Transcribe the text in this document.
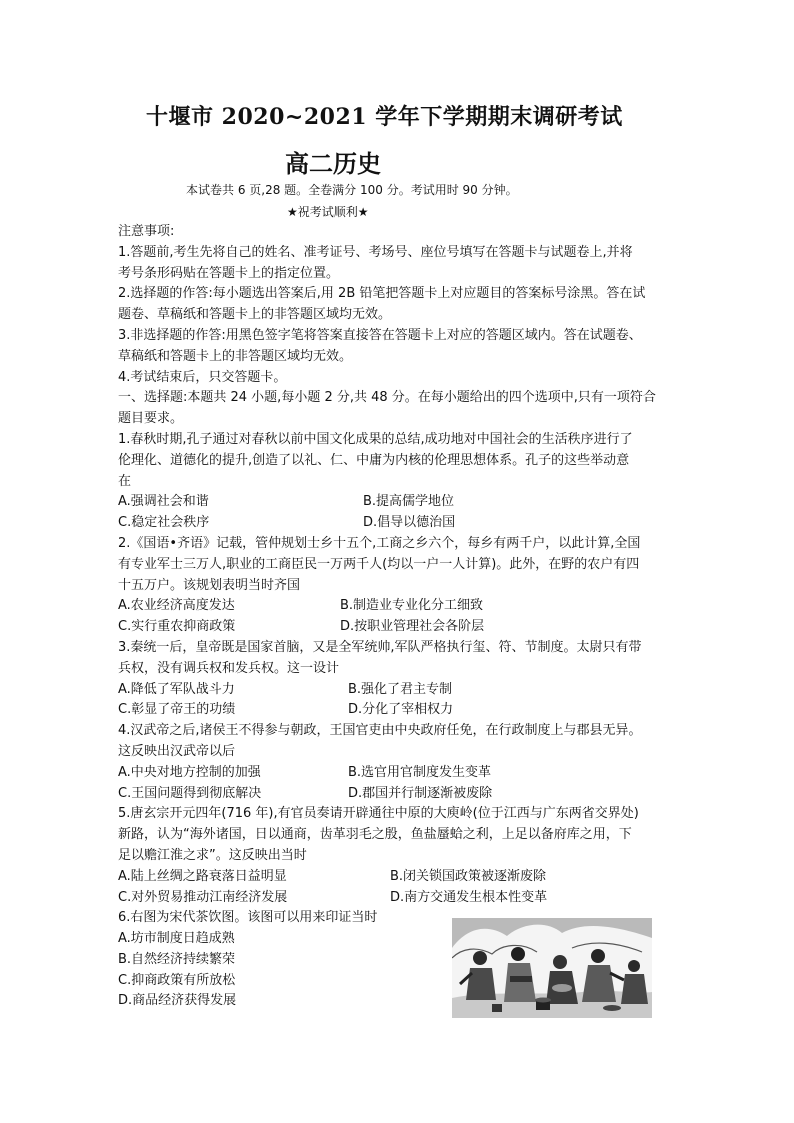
十堰市 2020~2021 学年下学期期末调研考试
高二历史
本试卷共 6 页,28 题。全卷满分 100 分。考试用时 90 分钟。
★祝考试顺利★
注意事项:
1.答题前,考生先将自己的姓名、准考证号、考场号、座位号填写在答题卡与试题卷上,并将
考号条形码贴在答题卡上的指定位置。
2.选择题的作答:每小题选出答案后,用 2B 铅笔把答题卡上对应题目的答案标号涂黑。答在试
题卷、草稿纸和答题卡上的非答题区域均无效。
3.非选择题的作答:用黑色签字笔将答案直接答在答题卡上对应的答题区域内。答在试题卷、
草稿纸和答题卡上的非答题区域均无效。
4.考试结束后，只交答题卡。
一、选择题:本题共 24 小题,每小题 2 分,共 48 分。在每小题给出的四个选项中,只有一项符合
题目要求。
1.春秋时期,孔子通过对春秋以前中国文化成果的总结,成功地对中国社会的生活秩序进行了
伦理化、道德化的提升,创造了以礼、仁、中庸为内核的伦理思想体系。孔子的这些举动意
在
A.强调社会和谐	B.提高儒学地位
C.稳定社会秩序	D.倡导以德治国
2.《国语•齐语》记载，管仲规划士乡十五个,工商之乡六个，每乡有两千户，以此计算,全国
有专业军士三万人,职业的工商臣民一万两千人(均以一户一人计算)。此外，在野的农户有四
十五万户。该规划表明当时齐国
A.农业经济高度发达	B.制造业专业化分工细致
C.实行重农抑商政策	D.按职业管理社会各阶层
3.秦统一后，皇帝既是国家首脑，又是全军统帅,军队严格执行玺、符、节制度。太尉只有带
兵权，没有调兵权和发兵权。这一设计
A.降低了军队战斗力	B.强化了君主专制
C.彰显了帝王的功绩	D.分化了宰相权力
4.汉武帝之后,诸侯王不得参与朝政，王国官吏由中央政府任免，在行政制度上与郡县无异。
这反映出汉武帝以后
A.中央对地方控制的加强	B.选官用官制度发生变革
C.王国问题得到彻底解决	D.郡国并行制逐渐被废除
5.唐玄宗开元四年(716 年),有官员奏请开辟通往中原的大庾岭(位于江西与广东两省交界处)
新路，认为“海外诸国，日以通商，齿革羽毛之殷，鱼盐蜃蛤之利，上足以备府库之用，下
足以赡江淮之求”。这反映出当时
A.陆上丝绸之路衰落日益明显	B.闭关锁国政策被逐渐废除
C.对外贸易推动江南经济发展	D.南方交通发生根本性变革
6.右图为宋代茶饮图。该图可以用来印证当时
A.坊市制度日趋成熟
B.自然经济持续繁荣
C.抑商政策有所放松
D.商品经济获得发展
